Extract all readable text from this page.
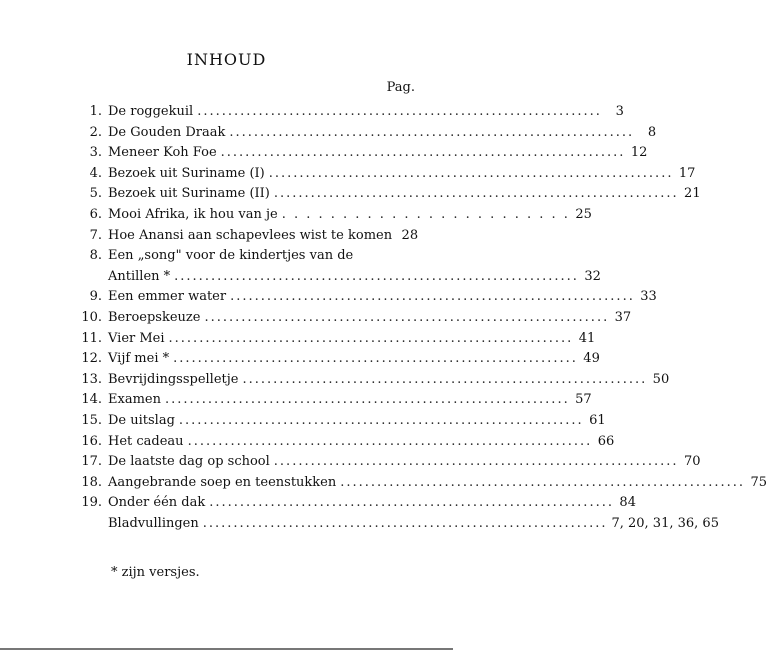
INHOUD
Pag.
1. De roggekuil ..................................................................	3
2. De Gouden Draak ..................................................................	8
3. Meneer Koh Foe .................................................................. 12
4. Bezoek uit Suriname (I) .................................................................. 17
5. Bezoek uit Suriname (II) .................................................................. 21
6. Mooi Afrika, ik hou van je . . . . . . . . . . . . . . . . . . . . . . . . 25
7. Hoe Anansi aan schapevlees wist te komen 28
8. Een „song" voor de kindertjes van de
Antillen * .................................................................. 32
9. Een emmer water .................................................................. 33
10. Beroepskeuze .................................................................. 37
11. Vier Mei .................................................................. 41
12. Vijf mei * .................................................................. 49
13. Bevrijdingsspelletje .................................................................. 50
14. Examen .................................................................. 57
15. De uitslag .................................................................. 61
16. Het cadeau .................................................................. 66
17. De laatste dag op school .................................................................. 70
18. Aangebrande soep en teenstukken .................................................................. 75
19. Onder één dak .................................................................. 84
Bladvullingen .................................................................. 7, 20, 31, 36, 65
* zijn versjes.
